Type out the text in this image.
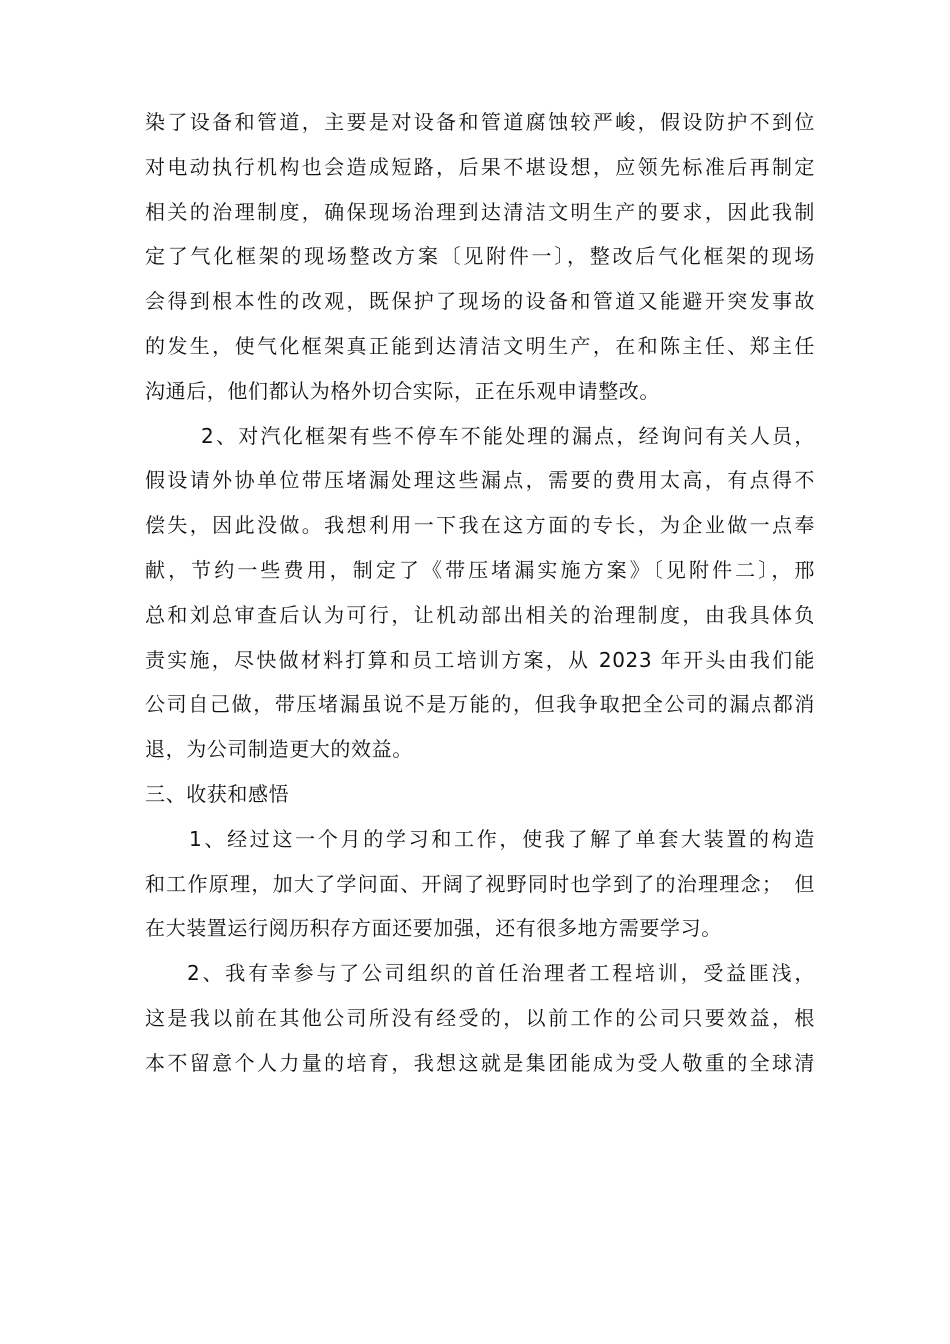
染了设备和管道，主要是对设备和管道腐蚀较严峻，假设防护不到位
对电动执行机构也会造成短路，后果不堪设想，应领先标准后再制定
相关的治理制度，确保现场治理到达清洁文明生产的要求，因此我制
定了气化框架的现场整改方案〔见附件一〕，整改后气化框架的现场
会得到根本性的改观，既保护了现场的设备和管道又能避开突发事故
的发生，使气化框架真正能到达清洁文明生产，在和陈主任、郑主任
沟通后，他们都认为格外切合实际，正在乐观申请整改。
2、对汽化框架有些不停车不能处理的漏点，经询问有关人员，
假设请外协单位带压堵漏处理这些漏点，需要的费用太高，有点得不
偿失，因此没做。我想利用一下我在这方面的专长，为企业做一点奉
献，节约一些费用，制定了《带压堵漏实施方案》〔见附件二〕，邢
总和刘总审查后认为可行，让机动部出相关的治理制度，由我具体负
责实施，尽快做材料打算和员工培训方案，从 2023 年开头由我们能
公司自己做，带压堵漏虽说不是万能的，但我争取把全公司的漏点都消
退，为公司制造更大的效益。
三、收获和感悟
1、经过这一个月的学习和工作，使我了解了单套大装置的构造
和工作原理，加大了学问面、开阔了视野同时也学到了的治理理念；　但
在大装置运行阅历积存方面还要加强，还有很多地方需要学习。
2、我有幸参与了公司组织的首任治理者工程培训，受益匪浅，
这是我以前在其他公司所没有经受的，以前工作的公司只要效益，根
本不留意个人力量的培育，我想这就是集团能成为受人敬重的全球清
